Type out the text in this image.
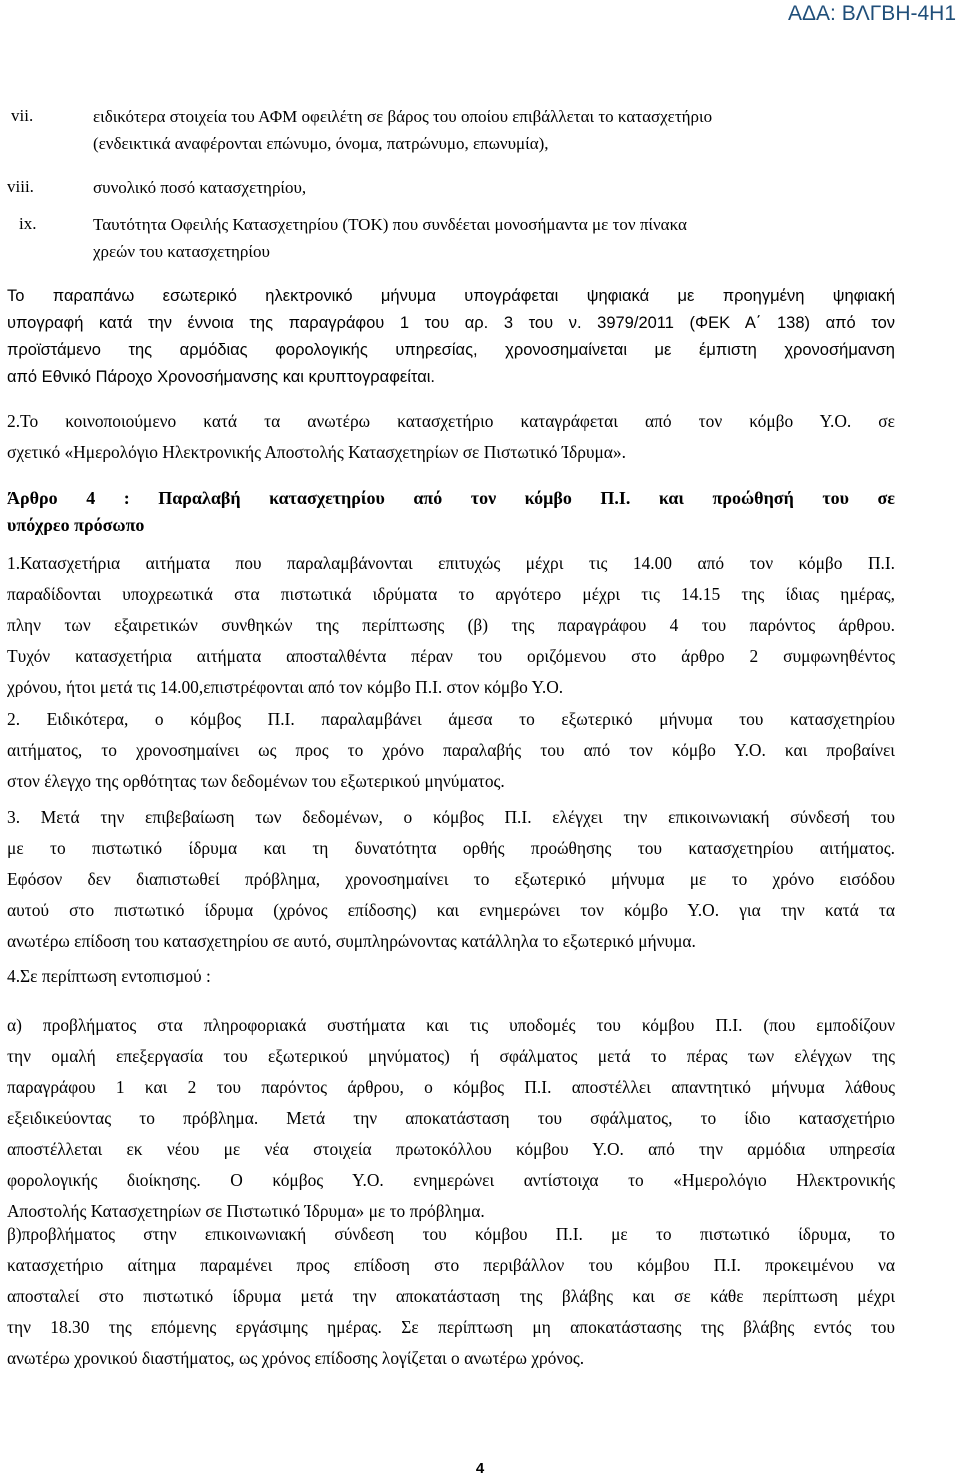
ΑΔΑ: ΒΛΓΒΗ-4Η1
vii.	ειδικότερα στοιχεία του ΑΦΜ οφειλέτη σε βάρος του οποίου επιβάλλεται το κατασχετήριο

(ενδεικτικά αναφέρονται επώνυμο, όνομα, πατρώνυμο, επωνυμία),

viii.	συνολικό ποσό κατασχετηρίου,

ix.	Ταυτότητα Οφειλής Κατασχετηρίου (ΤΟΚ) που συνδέεται μονοσήμαντα με τον πίνακα

χρεών του κατασχετηρίου

Το παραπάνω εσωτερικό ηλεκτρονικό μήνυμα υπογράφεται ψηφιακά με προηγμένη ψηφιακή

υπογραφή κατά την έννοια της παραγράφου 1 του αρ. 3 του ν. 3979/2011 (ΦΕΚ Α΄ 138) από τον

προϊστάμενο της αρμόδιας φορολογικής υπηρεσίας, χρονοσημαίνεται με έμπιστη χρονοσήμανση

από Εθνικό Πάροχο Χρονοσήμανσης και κρυπτογραφείται.

2.Το κοινοποιούμενο κατά τα ανωτέρω κατασχετήριο καταγράφεται από τον κόμβο Υ.Ο. σε

σχετικό «Ημερολόγιο Ηλεκτρονικής Αποστολής Κατασχετηρίων σε Πιστωτικό Ίδρυμα».

Άρθρο 4 : Παραλαβή κατασχετηρίου από τον κόμβο Π.Ι. και προώθησή του σε

υπόχρεο πρόσωπο

1.Κατασχετήρια αιτήματα που παραλαμβάνονται επιτυχώς μέχρι τις 14.00 από τον κόμβο Π.Ι.

παραδίδονται υποχρεωτικά στα πιστωτικά ιδρύματα το αργότερο μέχρι τις 14.15 της ίδιας ημέρας,

πλην των εξαιρετικών συνθηκών της περίπτωσης (β) της παραγράφου 4 του παρόντος άρθρου.

Τυχόν κατασχετήρια αιτήματα αποσταλθέντα πέραν του οριζόμενου στο άρθρο 2 συμφωνηθέντος

χρόνου, ήτοι μετά τις 14.00,επιστρέφονται από τον κόμβο Π.Ι. στον κόμβο Υ.Ο.

2. Ειδικότερα, ο κόμβος Π.Ι. παραλαμβάνει άμεσα το εξωτερικό μήνυμα του κατασχετηρίου

αιτήματος, το χρονοσημαίνει ως προς το χρόνο παραλαβής του από τον κόμβο Υ.Ο. και προβαίνει

στον έλεγχο της ορθότητας των δεδομένων του εξωτερικού μηνύματος.

3. Μετά την επιβεβαίωση των δεδομένων, ο κόμβος Π.Ι. ελέγχει την επικοινωνιακή σύνδεσή του

με το πιστωτικό ίδρυμα και τη δυνατότητα ορθής προώθησης του κατασχετηρίου αιτήματος.

Εφόσον δεν διαπιστωθεί πρόβλημα, χρονοσημαίνει το εξωτερικό μήνυμα με το χρόνο εισόδου

αυτού στο πιστωτικό ίδρυμα (χρόνος επίδοσης) και ενημερώνει τον κόμβο Υ.Ο. για την κατά τα

ανωτέρω επίδοση του κατασχετηρίου σε αυτό, συμπληρώνοντας κατάλληλα το εξωτερικό μήνυμα.

4.Σε περίπτωση εντοπισμού :

α) προβλήματος στα πληροφοριακά συστήματα και τις υποδομές του κόμβου Π.Ι. (που εμποδίζουν

την ομαλή επεξεργασία του εξωτερικού μηνύματος) ή σφάλματος μετά το πέρας των ελέγχων της

παραγράφου 1 και 2 του παρόντος άρθρου, ο κόμβος Π.Ι. αποστέλλει απαντητικό μήνυμα λάθους

εξειδικεύοντας το πρόβλημα. Μετά την αποκατάσταση του σφάλματος, το ίδιο κατασχετήριο

αποστέλλεται εκ νέου με νέα στοιχεία πρωτοκόλλου κόμβου Υ.Ο. από την αρμόδια υπηρεσία

φορολογικής διοίκησης. Ο κόμβος Υ.Ο. ενημερώνει αντίστοιχα το «Ημερολόγιο Ηλεκτρονικής

Αποστολής Κατασχετηρίων σε Πιστωτικό Ίδρυμα» με το πρόβλημα.

β)προβλήματος στην επικοινωνιακή σύνδεση του κόμβου Π.Ι. με το πιστωτικό ίδρυμα, το

κατασχετήριο αίτημα παραμένει προς επίδοση στο περιβάλλον του κόμβου Π.Ι. προκειμένου να

αποσταλεί στο πιστωτικό ίδρυμα μετά την αποκατάσταση της βλάβης και σε κάθε περίπτωση μέχρι

την 18.30 της επόμενης εργάσιμης ημέρας. Σε περίπτωση μη αποκατάστασης της βλάβης εντός του

ανωτέρω χρονικού διαστήματος, ως χρόνος επίδοσης λογίζεται ο ανωτέρω χρόνος.

4
